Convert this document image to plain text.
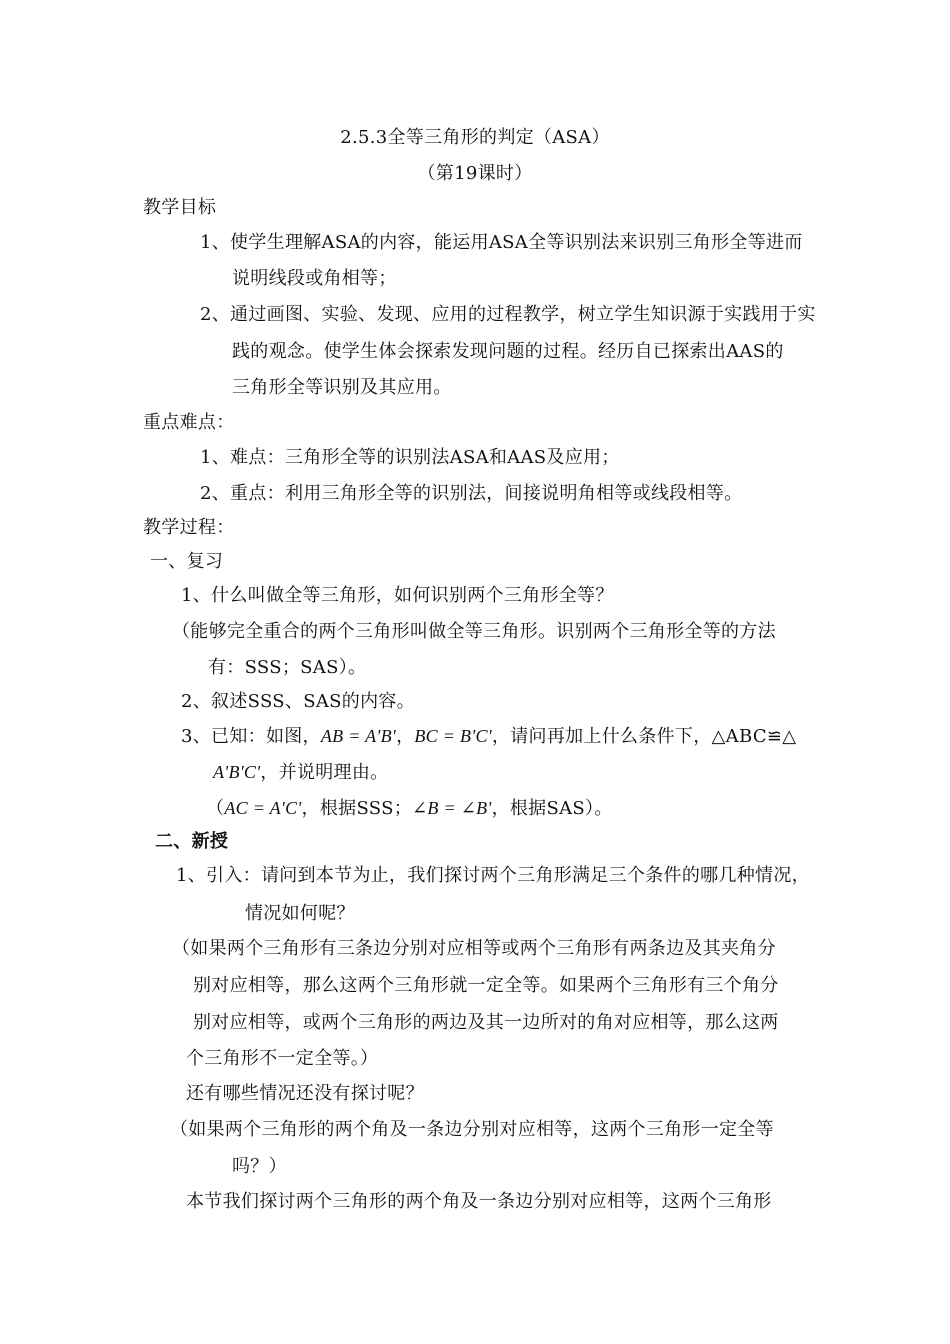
2.5.3全等三角形的判定（ASA）
（第19课时）
教学目标
1、使学生理解ASA的内容，能运用ASA全等识别法来识别三角形全等进而
说明线段或角相等；
2、通过画图、实验、发现、应用的过程教学，树立学生知识源于实践用于实
践的观念。使学生体会探索发现问题的过程。经历自已探索出AAS的
三角形全等识别及其应用。
重点难点：
1、难点：三角形全等的识别法ASA和AAS及应用；
2、重点：利用三角形全等的识别法，间接说明角相等或线段相等。
教学过程：
一、复习
1、什么叫做全等三角形，如何识别两个三角形全等？
（能够完全重合的两个三角形叫做全等三角形。识别两个三角形全等的方法
有：SSS；SAS）。
2、叙述SSS、SAS的内容。
3、已知：如图，AB = A'B'，BC = B'C'，请问再加上什么条件下，△ABC≌△
A'B'C'，并说明理由。
（AC = A'C'，根据SSS；∠B = ∠B'，根据SAS）。
二、新授
1、引入：请问到本节为止，我们探讨两个三角形满足三个条件的哪几种情况，
情况如何呢？
（如果两个三角形有三条边分别对应相等或两个三角形有两条边及其夹角分
别对应相等，那么这两个三角形就一定全等。如果两个三角形有三个角分
别对应相等，或两个三角形的两边及其一边所对的角对应相等，那么这两
个三角形不一定全等。）
还有哪些情况还没有探讨呢？
（如果两个三角形的两个角及一条边分别对应相等，这两个三角形一定全等
吗？）
本节我们探讨两个三角形的两个角及一条边分别对应相等，这两个三角形
